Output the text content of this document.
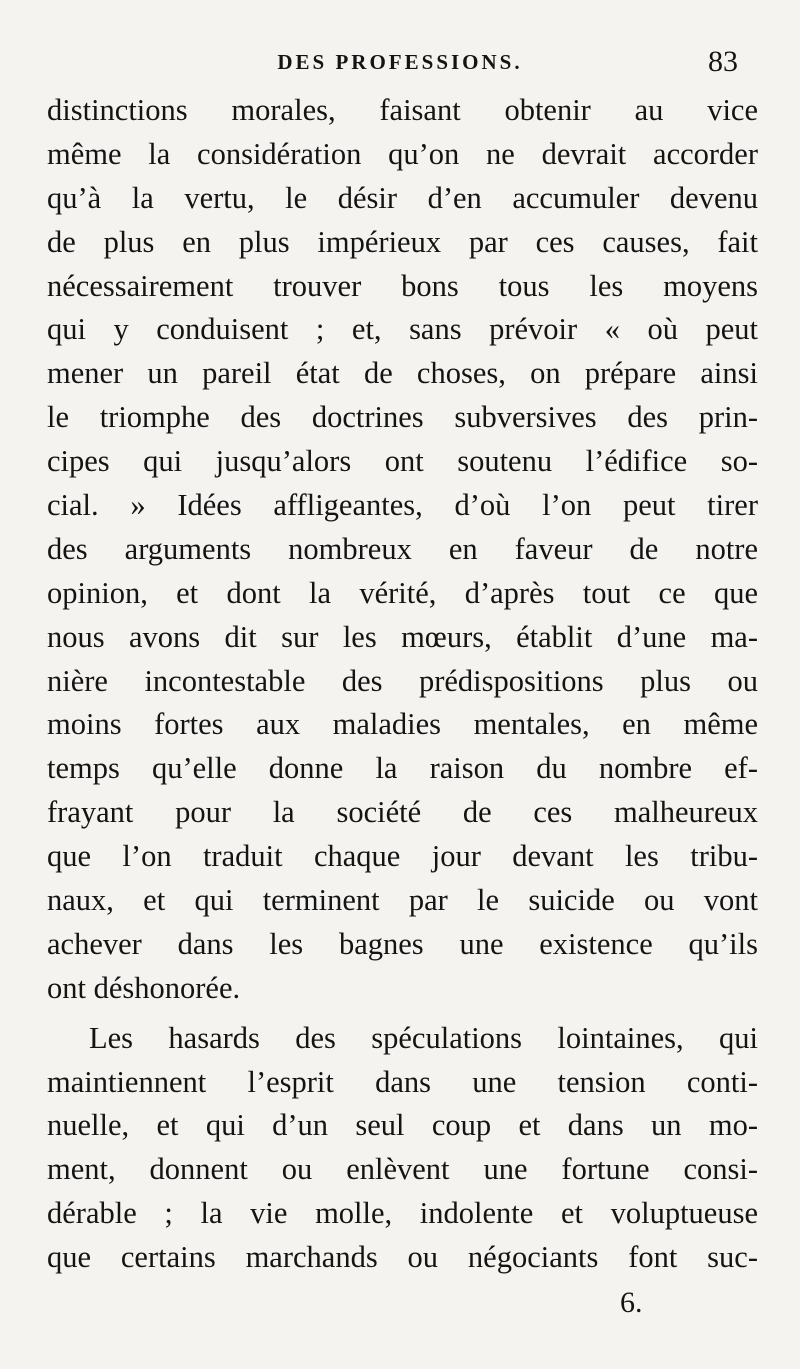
DES PROFESSIONS.	83
distinctions morales, faisant obtenir au vice
même la considération qu’on ne devrait accorder
qu’à la vertu, le désir d’en accumuler devenu
de plus en plus impérieux par ces causes, fait
nécessairement trouver bons tous les moyens
qui y conduisent ; et, sans prévoir « où peut
mener un pareil état de choses, on prépare ainsi
le triomphe des doctrines subversives des prin-
cipes qui jusqu’alors ont soutenu l’édifice so-
cial. » Idées affligeantes, d’où l’on peut tirer
des arguments nombreux en faveur de notre
opinion, et dont la vérité, d’après tout ce que
nous avons dit sur les mœurs, établit d’une ma-
nière incontestable des prédispositions plus ou
moins fortes aux maladies mentales, en même
temps qu’elle donne la raison du nombre ef-
frayant pour la société de ces malheureux
que l’on traduit chaque jour devant les tribu-
naux, et qui terminent par le suicide ou vont
achever dans les bagnes une existence qu’ils
ont déshonorée.
Les hasards des spéculations lointaines, qui
maintiennent l’esprit dans une tension conti-
nuelle, et qui d’un seul coup et dans un mo-
ment, donnent ou enlèvent une fortune consi-
dérable ; la vie molle, indolente et voluptueuse
que certains marchands ou négociants font suc-
6.
